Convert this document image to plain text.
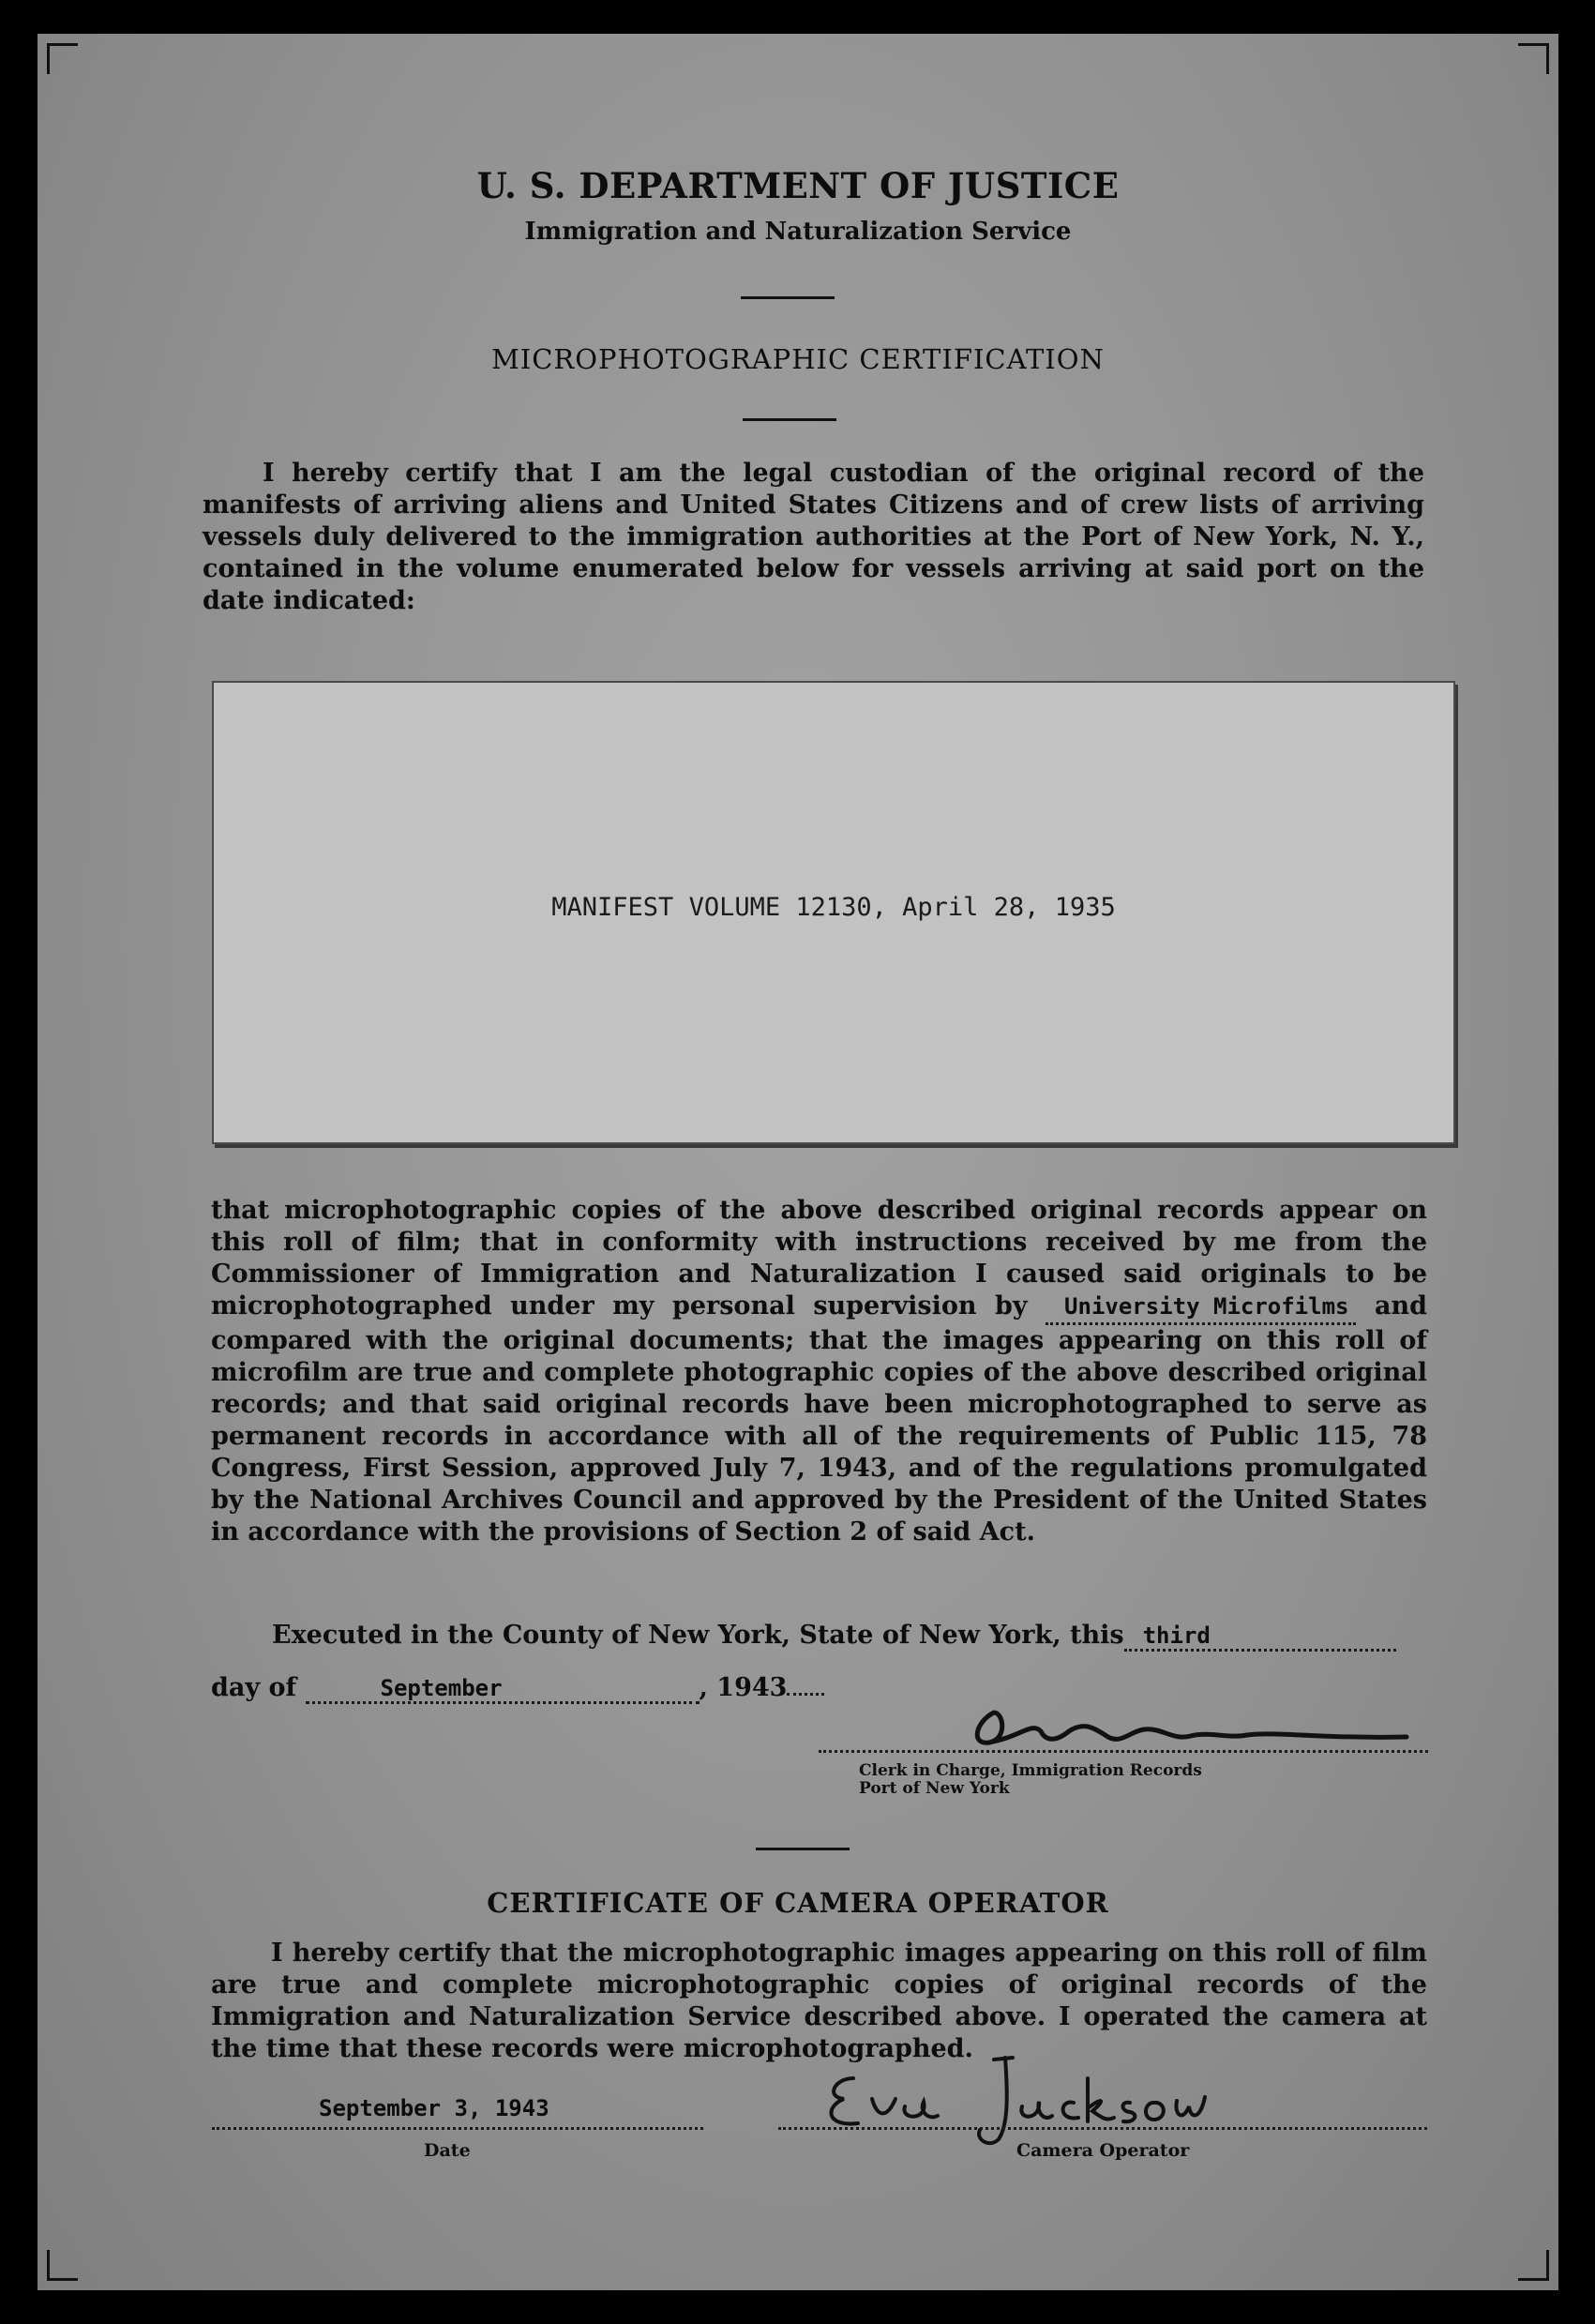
U. S. DEPARTMENT OF JUSTICE
Immigration and Naturalization Service
MICROPHOTOGRAPHIC CERTIFICATION
I hereby certify that I am the legal custodian of the original record of the manifests of arriving aliens and United States Citizens and of crew lists of arriving vessels duly delivered to the immigration authorities at the Port of New York, N. Y., contained in the volume enumerated below for vessels arriving at said port on the date indicated:
MANIFEST VOLUME 12130, April 28, 1935
that microphotographic copies of the above described original records appear on this roll of film; that in conformity with instructions received by me from the Commissioner of Immigration and Naturalization I caused said originals to be microphotographed under my personal supervision by University Microfilms and compared with the original documents; that the images appearing on this roll of microfilm are true and complete photographic copies of the above described original records; and that said original records have been microphotographed to serve as permanent records in accordance with all of the requirements of Public 115, 78 Congress, First Session, approved July 7, 1943, and of the regulations promulgated by the National Archives Council and approved by the President of the United States in accordance with the provisions of Section 2 of said Act.
Executed in the County of New York, State of New York, this third
day of	September	, 1943
Clerk in Charge, Immigration Records
Port of New York
CERTIFICATE OF CAMERA OPERATOR
I hereby certify that the microphotographic images appearing on this roll of film are true and complete microphotographic copies of original records of the Immigration and Naturalization Service described above. I operated the camera at the time that these records were microphotographed.
September 3, 1943
Date	Camera Operator
